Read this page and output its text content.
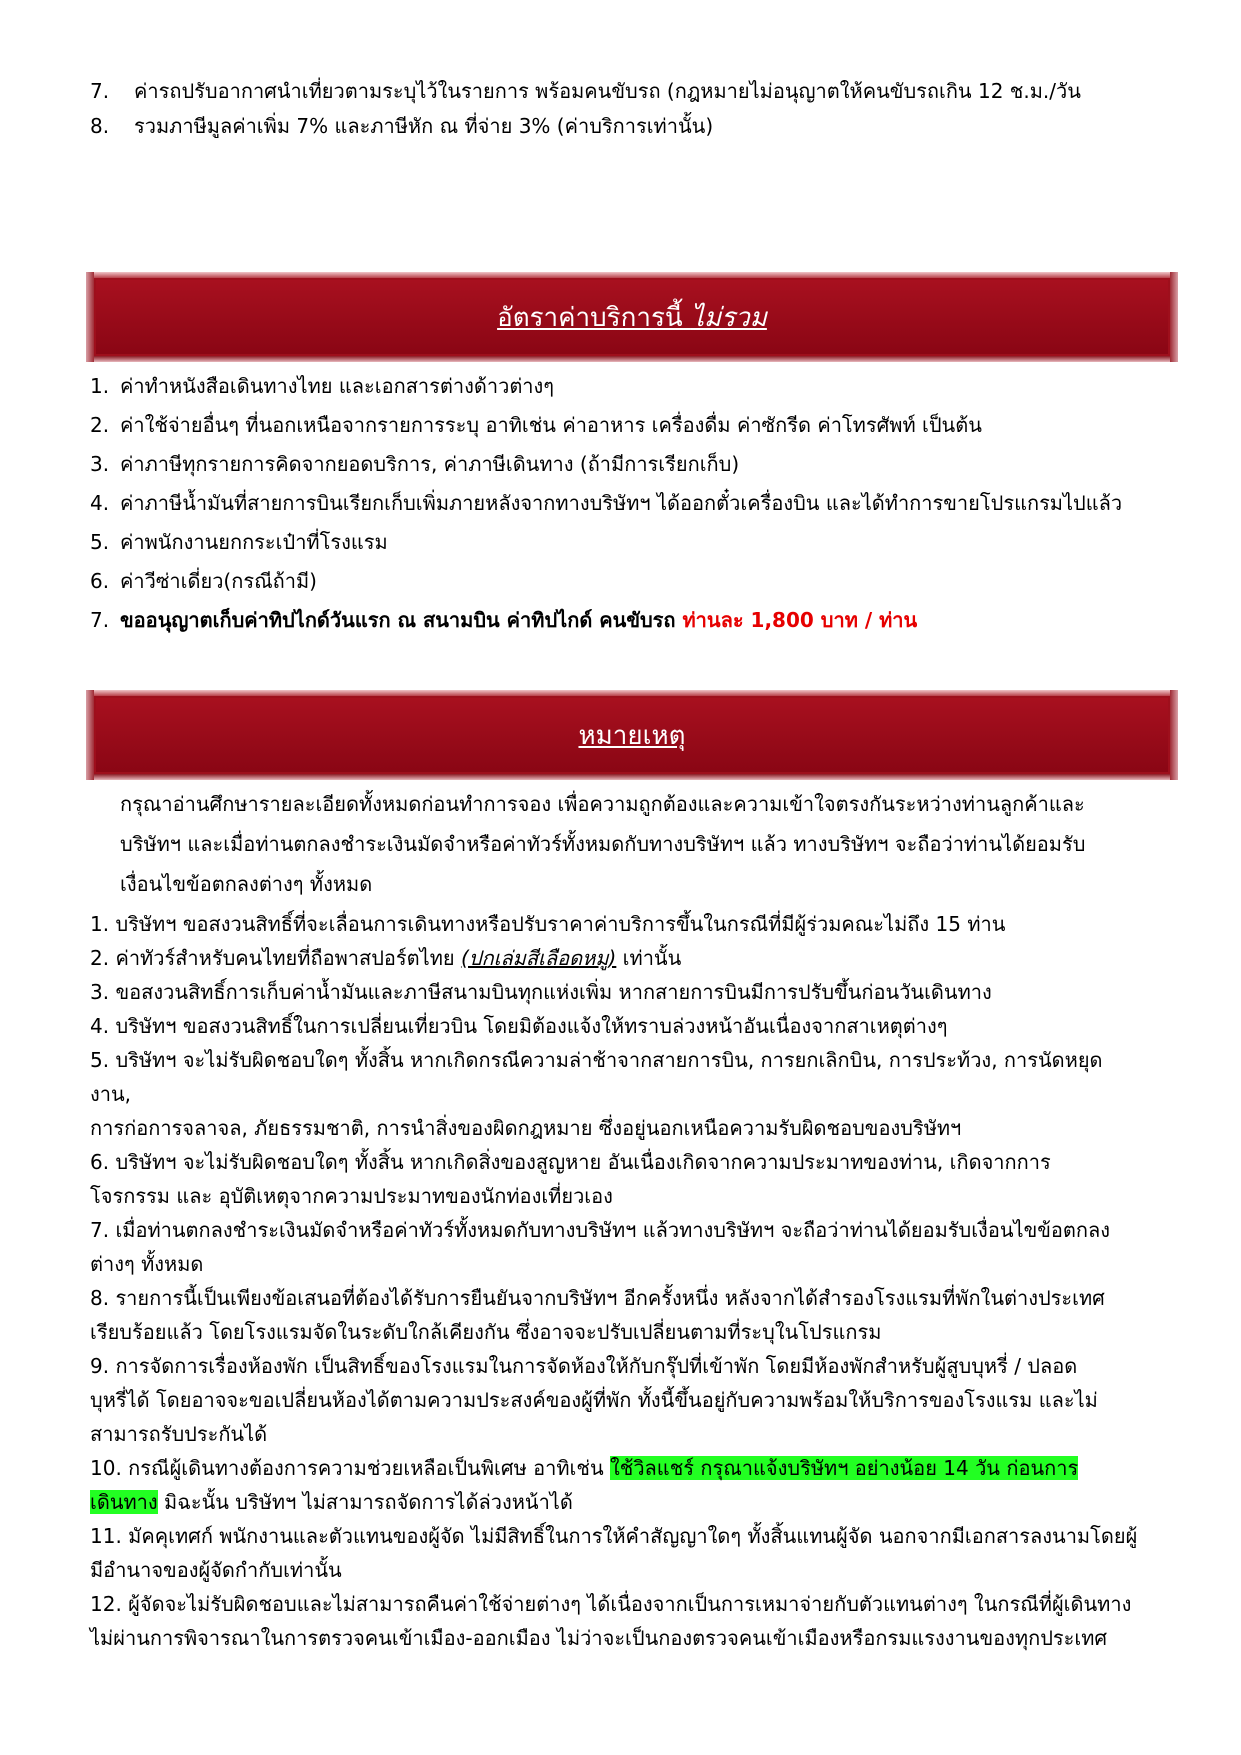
7. ค่ารถปรับอากาศนำเที่ยวตามระบุไว้ในรายการ พร้อมคนขับรถ (กฎหมายไม่อนุญาตให้คนขับรถเกิน 12 ช.ม./วัน
8. รวมภาษีมูลค่าเพิ่ม 7% และภาษีหัก ณ ที่จ่าย 3% (ค่าบริการเท่านั้น)
อัตราค่าบริการนี้ ไม่รวม
1. ค่าทำหนังสือเดินทางไทย และเอกสารต่างด้าวต่างๆ
2. ค่าใช้จ่ายอื่นๆ ที่นอกเหนือจากรายการระบุ อาทิเช่น ค่าอาหาร เครื่องดื่ม ค่าซักรีด ค่าโทรศัพท์ เป็นต้น
3. ค่าภาษีทุกรายการคิดจากยอดบริการ, ค่าภาษีเดินทาง (ถ้ามีการเรียกเก็บ)
4. ค่าภาษีน้ำมันที่สายการบินเรียกเก็บเพิ่มภายหลังจากทางบริษัทฯ ได้ออกตั๋วเครื่องบิน และได้ทำการขายโปรแกรมไปแล้ว
5. ค่าพนักงานยกกระเป๋าที่โรงแรม
6. ค่าวีซ่าเดี่ยว(กรณีถ้ามี)
7. ขออนุญาตเก็บค่าทิปไกด์วันแรก ณ สนามบิน ค่าทิปไกด์ คนขับรถ ท่านละ 1,800 บาท / ท่าน
หมายเหตุ
กรุณาอ่านศึกษารายละเอียดทั้งหมดก่อนทำการจอง เพื่อความถูกต้องและความเข้าใจตรงกันระหว่างท่านลูกค้าและ
บริษัทฯ และเมื่อท่านตกลงชำระเงินมัดจำหรือค่าทัวร์ทั้งหมดกับทางบริษัทฯ แล้ว ทางบริษัทฯ จะถือว่าท่านได้ยอมรับ
เงื่อนไขข้อตกลงต่างๆ ทั้งหมด
1. บริษัทฯ ขอสงวนสิทธิ์ที่จะเลื่อนการเดินทางหรือปรับราคาค่าบริการขึ้นในกรณีที่มีผู้ร่วมคณะไม่ถึง 15 ท่าน
2. ค่าทัวร์สำหรับคนไทยที่ถือพาสปอร์ตไทย (ปกเล่มสีเลือดหมู) เท่านั้น
3. ขอสงวนสิทธิ์การเก็บค่าน้ำมันและภาษีสนามบินทุกแห่งเพิ่ม หากสายการบินมีการปรับขึ้นก่อนวันเดินทาง
4. บริษัทฯ ขอสงวนสิทธิ์ในการเปลี่ยนเที่ยวบิน โดยมิต้องแจ้งให้ทราบล่วงหน้าอันเนื่องจากสาเหตุต่างๆ
5. บริษัทฯ จะไม่รับผิดชอบใดๆ ทั้งสิ้น หากเกิดกรณีความล่าช้าจากสายการบิน, การยกเลิกบิน, การประท้วง, การนัดหยุด
งาน,
การก่อการจลาจล, ภัยธรรมชาติ, การนำสิ่งของผิดกฎหมาย ซึ่งอยู่นอกเหนือความรับผิดชอบของบริษัทฯ
6. บริษัทฯ จะไม่รับผิดชอบใดๆ ทั้งสิ้น หากเกิดสิ่งของสูญหาย อันเนื่องเกิดจากความประมาทของท่าน, เกิดจากการ
โจรกรรม และ อุบัติเหตุจากความประมาทของนักท่องเที่ยวเอง
7. เมื่อท่านตกลงชำระเงินมัดจำหรือค่าทัวร์ทั้งหมดกับทางบริษัทฯ แล้วทางบริษัทฯ จะถือว่าท่านได้ยอมรับเงื่อนไขข้อตกลง
ต่างๆ ทั้งหมด
8. รายการนี้เป็นเพียงข้อเสนอที่ต้องได้รับการยืนยันจากบริษัทฯ อีกครั้งหนึ่ง หลังจากได้สำรองโรงแรมที่พักในต่างประเทศ
เรียบร้อยแล้ว โดยโรงแรมจัดในระดับใกล้เคียงกัน ซึ่งอาจจะปรับเปลี่ยนตามที่ระบุในโปรแกรม
9. การจัดการเรื่องห้องพัก เป็นสิทธิ์ของโรงแรมในการจัดห้องให้กับกรุ๊ปที่เข้าพัก โดยมีห้องพักสำหรับผู้สูบบุหรี่ / ปลอด
บุหรี่ได้ โดยอาจจะขอเปลี่ยนห้องได้ตามความประสงค์ของผู้ที่พัก ทั้งนี้ขึ้นอยู่กับความพร้อมให้บริการของโรงแรม และไม่
สามารถรับประกันได้
10. กรณีผู้เดินทางต้องการความช่วยเหลือเป็นพิเศษ อาทิเช่น ใช้วิลแชร์ กรุณาแจ้งบริษัทฯ อย่างน้อย 14 วัน ก่อนการ
เดินทาง มิฉะนั้น บริษัทฯ ไม่สามารถจัดการได้ล่วงหน้าได้
11. มัคคุเทศก์ พนักงานและตัวแทนของผู้จัด ไม่มีสิทธิ์ในการให้คำสัญญาใดๆ ทั้งสิ้นแทนผู้จัด นอกจากมีเอกสารลงนามโดยผู้
มีอำนาจของผู้จัดกำกับเท่านั้น
12. ผู้จัดจะไม่รับผิดชอบและไม่สามารถคืนค่าใช้จ่ายต่างๆ ได้เนื่องจากเป็นการเหมาจ่ายกับตัวแทนต่างๆ ในกรณีที่ผู้เดินทาง
ไม่ผ่านการพิจารณาในการตรวจคนเข้าเมือง-ออกเมือง ไม่ว่าจะเป็นกองตรวจคนเข้าเมืองหรือกรมแรงงานของทุกประเทศ
